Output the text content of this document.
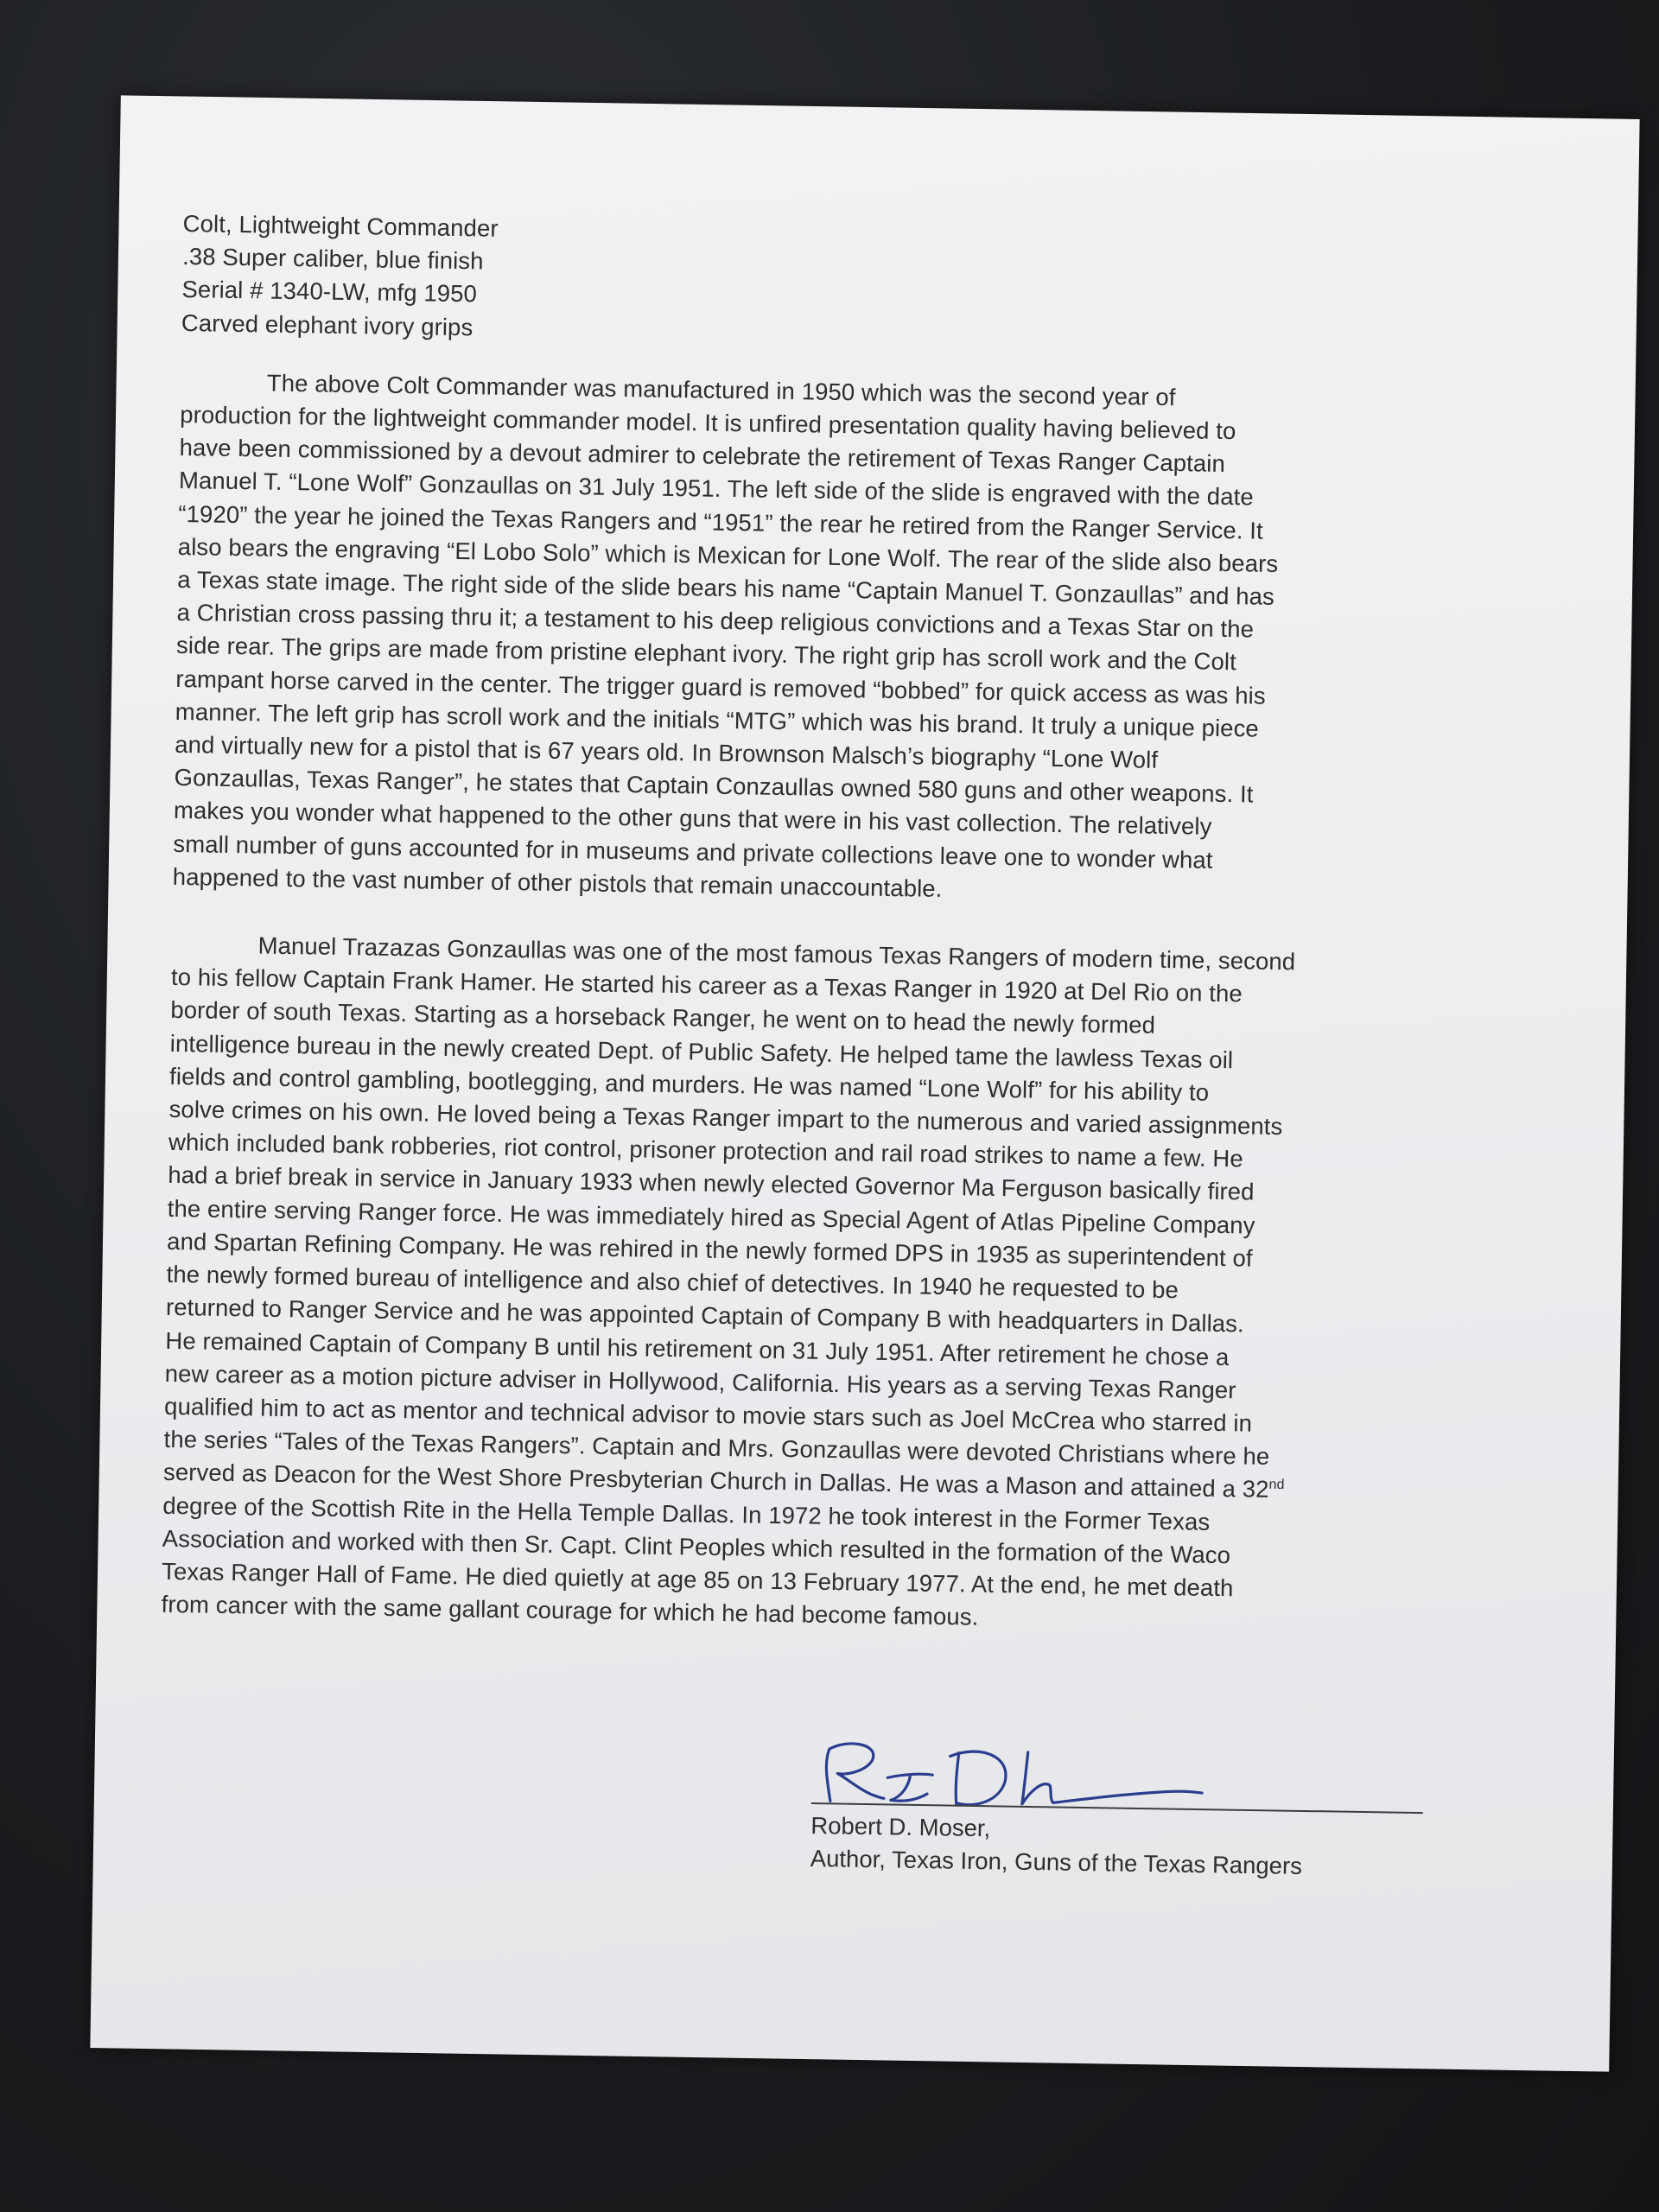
Colt, Lightweight Commander
.38 Super caliber, blue finish
Serial # 1340-LW, mfg 1950
Carved elephant ivory grips
The above Colt Commander was manufactured in 1950 which was the second year of
production for the lightweight commander model. It is unfired presentation quality having believed to
have been commissioned by a devout admirer to celebrate the retirement of Texas Ranger Captain
Manuel T. “Lone Wolf” Gonzaullas on 31 July 1951. The left side of the slide is engraved with the date
“1920” the year he joined the Texas Rangers and “1951” the rear he retired from the Ranger Service. It
also bears the engraving “El Lobo Solo” which is Mexican for Lone Wolf. The rear of the slide also bears
a Texas state image. The right side of the slide bears his name “Captain Manuel T. Gonzaullas” and has
a Christian cross passing thru it; a testament to his deep religious convictions and a Texas Star on the
side rear. The grips are made from pristine elephant ivory. The right grip has scroll work and the Colt
rampant horse carved in the center. The trigger guard is removed “bobbed” for quick access as was his
manner. The left grip has scroll work and the initials “MTG” which was his brand. It truly a unique piece
and virtually new for a pistol that is 67 years old. In Brownson Malsch’s biography “Lone Wolf
Gonzaullas, Texas Ranger”, he states that Captain Conzaullas owned 580 guns and other weapons. It
makes you wonder what happened to the other guns that were in his vast collection. The relatively
small number of guns accounted for in museums and private collections leave one to wonder what
happened to the vast number of other pistols that remain unaccountable.
Manuel Trazazas Gonzaullas was one of the most famous Texas Rangers of modern time, second
to his fellow Captain Frank Hamer. He started his career as a Texas Ranger in 1920 at Del Rio on the
border of south Texas. Starting as a horseback Ranger, he went on to head the newly formed
intelligence bureau in the newly created Dept. of Public Safety. He helped tame the lawless Texas oil
fields and control gambling, bootlegging, and murders. He was named “Lone Wolf” for his ability to
solve crimes on his own. He loved being a Texas Ranger impart to the numerous and varied assignments
which included bank robberies, riot control, prisoner protection and rail road strikes to name a few. He
had a brief break in service in January 1933 when newly elected Governor Ma Ferguson basically fired
the entire serving Ranger force. He was immediately hired as Special Agent of Atlas Pipeline Company
and Spartan Refining Company. He was rehired in the newly formed DPS in 1935 as superintendent of
the newly formed bureau of intelligence and also chief of detectives. In 1940 he requested to be
returned to Ranger Service and he was appointed Captain of Company B with headquarters in Dallas.
He remained Captain of Company B until his retirement on 31 July 1951. After retirement he chose a
new career as a motion picture adviser in Hollywood, California. His years as a serving Texas Ranger
qualified him to act as mentor and technical advisor to movie stars such as Joel McCrea who starred in
the series “Tales of the Texas Rangers”. Captain and Mrs. Gonzaullas were devoted Christians where he
served as Deacon for the West Shore Presbyterian Church in Dallas. He was a Mason and attained a 32nd
degree of the Scottish Rite in the Hella Temple Dallas. In 1972 he took interest in the Former Texas
Association and worked with then Sr. Capt. Clint Peoples which resulted in the formation of the Waco
Texas Ranger Hall of Fame. He died quietly at age 85 on 13 February 1977. At the end, he met death
from cancer with the same gallant courage for which he had become famous.
Robert D. Moser,
Author, Texas Iron, Guns of the Texas Rangers
